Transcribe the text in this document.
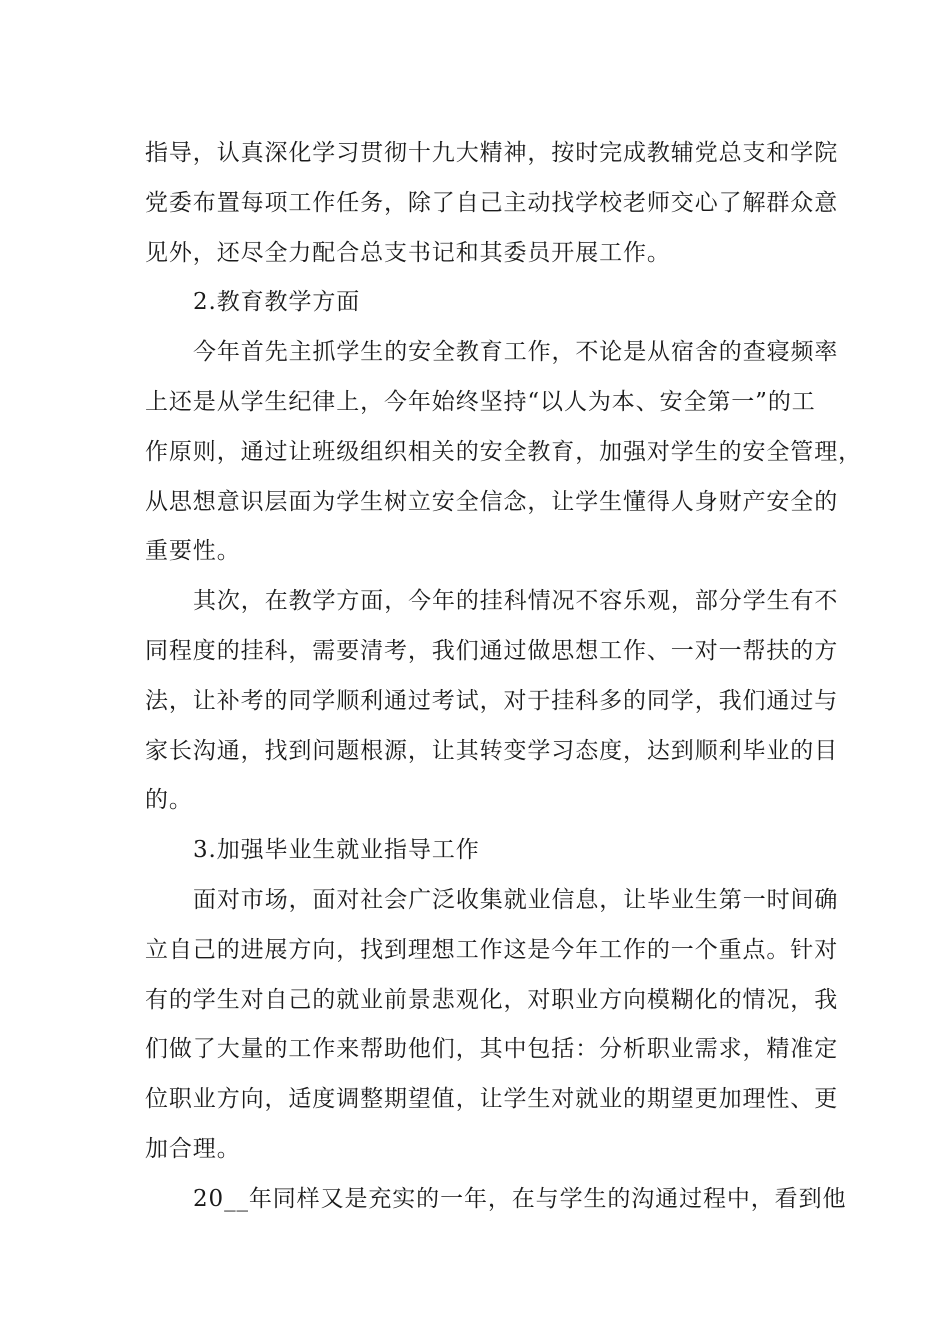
指导，认真深化学习贯彻十九大精神，按时完成教辅党总支和学院
党委布置每项工作任务，除了自己主动找学校老师交心了解群众意
见外，还尽全力配合总支书记和其委员开展工作。
2.教育教学方面
今年首先主抓学生的安全教育工作，不论是从宿舍的查寝频率
上还是从学生纪律上，今年始终坚持“以人为本、安全第一”的工
作原则，通过让班级组织相关的安全教育，加强对学生的安全管理，
从思想意识层面为学生树立安全信念，让学生懂得人身财产安全的
重要性。
其次，在教学方面，今年的挂科情况不容乐观，部分学生有不
同程度的挂科，需要清考，我们通过做思想工作、一对一帮扶的方
法，让补考的同学顺利通过考试，对于挂科多的同学，我们通过与
家长沟通，找到问题根源，让其转变学习态度，达到顺利毕业的目
的。
3.加强毕业生就业指导工作
面对市场，面对社会广泛收集就业信息，让毕业生第一时间确
立自己的进展方向，找到理想工作这是今年工作的一个重点。针对
有的学生对自己的就业前景悲观化，对职业方向模糊化的情况，我
们做了大量的工作来帮助他们，其中包括：分析职业需求，精准定
位职业方向，适度调整期望值，让学生对就业的期望更加理性、更
加合理。
20__年同样又是充实的一年，在与学生的沟通过程中，看到他
